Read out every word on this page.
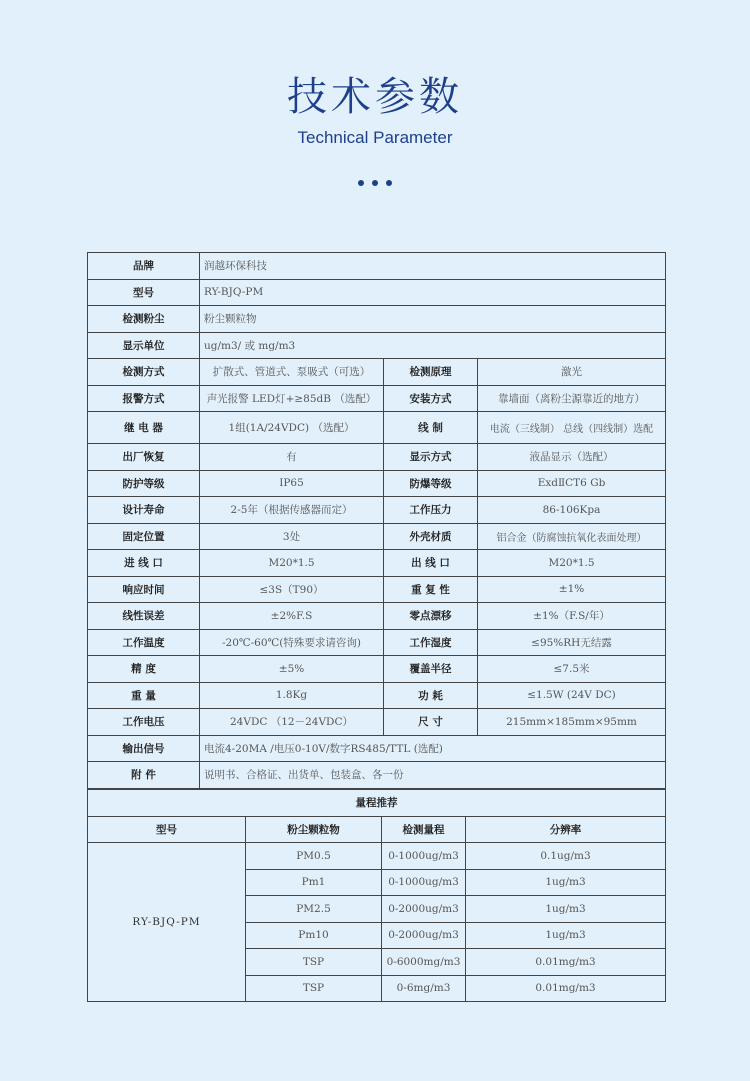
技术参数
Technical Parameter
品牌	润越环保科技		
型号	RY-BJQ-PM		
检测粉尘	粉尘颗粒物		
显示单位	ug/m3/ 或 mg/m3		
检测方式	扩散式、管道式、泵吸式（可选）	检测原理	激光
报警方式	声光报警 LED灯+≥85dB （选配）	安装方式	靠墙面（离粉尘源靠近的地方）
继 电 器	1组(1A/24VDC) （选配）	线 制	电流（三线制） 总线（四线制）选配
出厂恢复	有	显示方式	液晶显示（选配）
防护等级	IP65	防爆等级	ExdⅡCT6 Gb
设计寿命	2-5年（根据传感器而定）	工作压力	86-106Kpa
固定位置	3处	外壳材质	铝合金（防腐蚀抗氧化表面处理）
进 线 口	M20*1.5	出 线 口	M20*1.5
响应时间	≤3S（T90）	重 复 性	±1%
线性误差	±2%F.S	零点漂移	±1%（F.S/年）
工作温度	-20℃-60℃(特殊要求请咨询)	工作湿度	≤95%RH无结露
精 度	±5%	覆盖半径	≤7.5米
重 量	1.8Kg	功 耗	≤1.5W (24V DC)
工作电压	24VDC （12－24VDC）	尺 寸	215mm×185mm×95mm
输出信号	电流4-20MA /电压0-10V/数字RS485/TTL (选配)		
附 件	说明书、合格证、出货单、包装盒、各一份		
量程推荐			
型号	粉尘颗粒物	检测量程	分辨率
RY-BJQ-PM	PM0.5	0-1000ug/m3	0.1ug/m3
	Pm1	0-1000ug/m3	1ug/m3
	PM2.5	0-2000ug/m3	1ug/m3
	Pm10	0-2000ug/m3	1ug/m3
	TSP	0-6000mg/m3	0.01mg/m3
	TSP	0-6mg/m3	0.01mg/m3
